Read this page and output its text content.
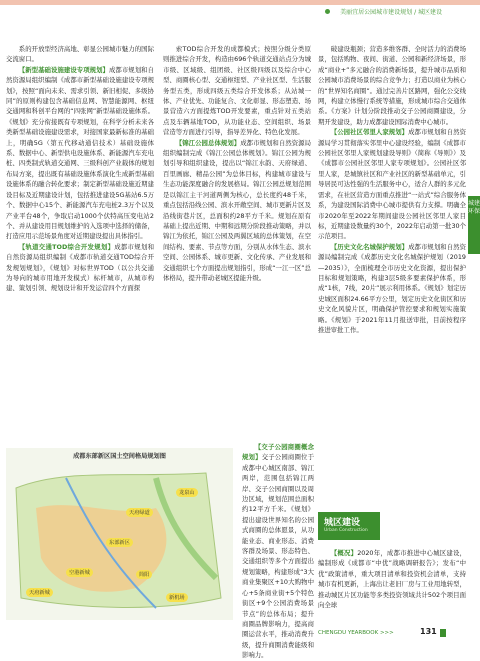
美丽宜居公园城市建设规划 / 城区建设
城建环保

系的开放型经济高地、彰显公园城市魅力的国际交流窗口。

【新型基础设施建设专项规划】成都市规划和自然资源局组织编制《成都市新型基础设施建设专项规划》，按照“面向未来、需求引领、新旧相促、多级协同”的原则构建包含基础信息网、智慧能源网、枢纽交通网和科创平台网的“四张网”新型基础设施体系。《规划》充分衔接既有专项规划，在科学分析未来各类新型基础设施建设需求，对接国家最新标准的基础上，明确5G（第五代移动通信技术）基础设施体系、数据中心、新型供电设施体系、新能源汽车充电桩、四类制式轨道交通网、三级科创产业载体的规划布局方案，提出既有基础设施体系演化生成新型基础设施体系的融合转化要求；制定新型基础设施近期建设目标及近期建设计划，包括推进建设5G基站6.5万个、数据中心15个、新能源汽车充电桩2.3万个以及产业平台48个，争取启动1000个伏特高压变电站2个、并从建设用目规划维护的入选项中选择的储备，打造应用示范场景角度对近期建设提出具体指引。

【轨道交通TOD综合开发规划】成都市规划和自然资源局组织编制《成都市轨道交通TOD综合开发规划规划》，《规划》对标世界TOD（以公共交通为导向的城市用地开发模式）标杆城市，从城市构建、策划引领、规划设计和开发运营四个方面探

索TOD综合开发的成都模式；按照分级分类原则推进综合开发，构造由696个轨道交通站点分为城市级、区域级、组团级、社区级四级以及综合中心型、商圈核心型、交通枢纽型、产业社区型、生活服务型五类，形成四级五类综合开发体系；从站城一体、产业优先、功能复合、文化彰显、形态塑造、场景营造六方面提炼TOD开发要素，重点针对五类站点及车辆基地TOD，从功能业态、空间组织、场景营造等方面进行引导，指导差异化、特色化发展。

【锦江公园总体规划】成都市规划和自然资源局组织编制完成《锦江公园总体规划》。锦江公园为规划引导和组织建设，提出以“锦江水韵、天府绿道、百里画廊、精品公园”为总体目标，构建城市建设与生态功能深度融合的发展格局。锦江公园总规划范围是以锦江主干河道两侧为核心，总长度约48千米，重点包括沿线公园、滨水开敞空间、城市更新片区及沿线街巷片区，总面积约28平方千米。规划在原有基础上提出近期、中期和远期分阶段推动策略，并以锦江为依托，锦江公园及两翼区域的总体策划，在空间结构、要素、节点等方面，分别从水体生态、滨水空间、公园体系、城市更新、文化传承、产业发展和交通组织七个方面提出规划指引，形成“一江一区”总体格局，提升带动老城区提能升级。

破建设瓶颈；营造多维客群、全时活力的消费场景，包括购物、夜间、街道、公园和新经济场景，形成“商业+”多元融合的消费新场景，提升城市品质和公园城市消费场景的综合竞争力；打造以商业为核心的“世界知名商圈”。通过完善片区路网，强化公交线网，构建立体慢行系统等措施，形成城市综合交通体系。《方案》计划分阶段推动交子公园商圈建设，分期开发建设，助力成都建设国际消费中心城市。

【公园社区邻里人家规划】成都市规划和自然资源局学习贯彻落实邻里中心建设经验，编制《成都市公园社区邻里人家规划建设导则》（简称《导则》）及《成都市公园社区邻里人家专项规划》。公园社区邻里人家，是城镇社区和产业社区的新型基础单元，引导居民可达性强的生活服务中心，适合人群的多元化需求，在社区营造方面重点推进“一站式”综合服务体系，为建设国际消费中心城市提供有力支撑。明确全市2020年至2022年期间建设公园社区邻里人家目标，近期建设数量约30个，2022年启动第一批30个示范项目。

【历史文化名城保护规划】成都市规划和自然资源局编制完成《成都历史文化名城保护规划（2019—2035）》，全面梳理全市历史文化资源，提出保护目标和规划策略，构建3层5级多要素保护体系，形成“1核，7线，20片”展示利用体系。《规划》划定历史城区面积24.66平方公里，划定历史文化街区和历史文化风貌片区，明确保护管控要求和规划实施策略。《规划》于2021年11月报送审批，目前按程序推进审批工作。

成都东部新区国土空间格局规划图
天府绿道
东部新区
空港新城	简阳
天府新城
龙泉山
新机场

【交子公园商圈概念规划】交子公园商圈位于成都中心城区南部、锦江两岸，范围包括锦江两岸、交子公园商圈以及周边区域，规划范围总面积约12平方千米。《规划》提出建设世界知名的公园式商圈的总体愿景，从功能业态、商业形态、消费客群及场景、形态特色、交通组织等多个方面提出规划策略，构建形成“3大商业集聚区+10大购物中心+5条商业街+5个特色街区+9个公园消费场景节点”的总体布局；提升商圈品牌影响力，提高商圈运营水平，推动消费升级，提升商圈消费能级和影响力。

城区建设
Urban Construction

【概况】2020年，成都市推进中心城区建设，编制形成《成都市“中优”战略调研报告》；发布“中优”政策清单，重大项目清单和投资机会清单，支持城市有机更新，上海出让老旧厂房与工业用地转型，推动城区片区功能等多类投资领域共计502个项目面向全球

CHENGDU YEARBOOK >>>	131
